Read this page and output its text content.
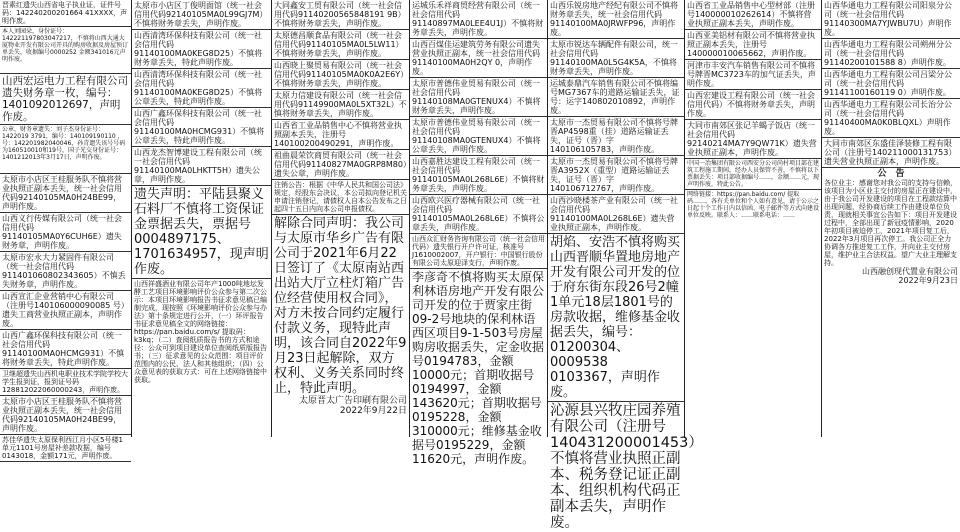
晋素红遗失山西省电子执业证，证件号码：142240200201664 41XXXX，声明作废。

本人刘园朵，身份证号：142221197803047217，不慎将山西大通大厦物业开发有限公司开具的购房收据及房屋预订单丢失，收据编号0000252 金额341016元声明作废。

山西宏运电力工程有限公司遗失财务章一枚，编号：1401092012697，声明作废。

公章，财务章遗失：刘子杰身份证号：1422019 3791，编号：140109190110 ，号：142201982040046，孙青遗失该号号码为160510010和19号，国子光交身份证号：1401212013年3月17日，声明作废。

太原市小店区王桂服务队不慎将营业执照正副本丢失，统一社会信用代码92140105MA0H24BE99，声明作废。

山西义行传媒有限公司（统一社会信用代码91140105MA0Y6CUH6E）遗失财务章，声明作废。

太原市宏永大力紧固件有限公司（统一社会信用代码911401060802343605）不慎丢失财务章，声明作废。

山西宣汇企业营销中心有限公司（注册号140106000090085 号）遗失工商营业执照正副本，声明作废。

山西广鑫环保科技有限公司（统一社会信用代码91140100MA0HCMG931）不慎将财务章丢失，特此声明作废。

卫继超遗失山西机电职业技术学院学校大学生报到证，报到证号码128812022060000243，声明作废。

太原市小店区王桂服务队不慎将营业执照正副本丢失，统一社会信用代码92140105MA0H24BE99，声明作废。

苏佳华遗失太原保利西江月小区5号楼1单元1101号房屋补差款收据，编号0143018，金额171元，声明作废。

太原市小店区丁俊明面馆（统一社会信用代码92140105MA0L99GJ7M）不慎将财务章丢失，声明作废。

山西清湾环保科技有限公司（统一社会信用代码91140100MA0KEG8D25）不慎将财务章丢失，特此声明作废。

山西清湾环保科技有限公司（统一社会信用代码91140100MA0KEG8D25）不慎将公章丢失，特此声明作废。

山西广鑫环保科技有限公司（统一社会信用代码91140100MA0HCMG931）不慎将公章丢失，特此声明作废。

山西龙杰智博建设工程有限公司（统一社会信用代码91140100MA0LHKTT5H）遗失公章，声明作废。

遗失声明：平陆县聚义石料厂不慎将工资保证金票据丢失，票据号0004897175、1701634957，现声明作废。

山西祥盛酒业有限公司年产1000吨地坛发酵工艺项目环境影响评价公众参与第二次公示：本项目环境影响报告书征求意见稿已编制完成，现按照《环境影响评价公众参与办法》第十条规定进行公开，（一）环评报告书征求意见稿全文的网络链接：https://pan.baidu.com/s/ 提取码：k3kq；（二）查阅纸质报告书的方式和途径：公众可到项目建设单位查阅纸质版报告书；（三）征求意见的公众范围：项目评价范围内的公民、法人和其他组织；（四）公众意见表的获取方式：可在上述网络链接中获取。

大同鑫安工贸有限公司（统一社会信用代码91140200565848191 9B）不慎将财务章丢失，声明作废。

太原德昌顺食品有限公司（统一社会信用代码91140105MA0L5LW11）不慎将财务章丢失，声明作废。

山西晓上聚贸易有限公司（统一社会信用代码91140105MA0K0A2E6Y）不慎将财务章丢失，声明作废。

太原力信建设有限公司（统一社会信用代码91149900MA0L5XT32L）不慎将财务章丢失，声明作废。

山西省工业品销售中心不慎将营业执照副本丢失，注册号140100200490291，声明作废。

祖曲晨荣饮商贸有限公司（统一社会信用代码91140827MA0GRP8M80）遗失公章，声明作废。

注销公告：根据《中华人民共和国公司法》规定，经股东会决议，本公司拟向登记机关申请注销登记，请债权人自本公告发布之日起四十五日内向本公司申报债权。

解除合同声明：我公司与太原市华乡广告有限公司于2021年6月22日签订了《太原南站西出站大厅立柱灯箱广告位经营使用权合同》，对方未按合同约定履行付款义务，现特此声明，该合同自2022年9月23日起解除，双方权利、义务关系同时终止，特此声明。

太原晋太广告印刷有限公司

2022年9月22日

运城乐禾祥商贸经营有限公司（统一社会信用代码91140897MA0LEE4U1J）不慎将财务章丢失，声明作废。

山西百煤佳运建筑劳务有限公司遗失营业执照正副本，统一社会信用代码91140100MA0H2QY 0，声明作废。

太原市普德伟业贸易有限公司（统一社会信用代码91140108MA0GTENUX4）不慎将财务章丢失，声明作废。

太原市普德伟业贸易有限公司（统一社会信用代码91140108MA0GTENUX4）不慎将公章丢失，声明作废。

山西嘉胜达建设工程有限公司（统一社会信用代码91140105MA0L268L6E）不慎将财务章丢失，声明作废。

山西欧兴医疗器械有限公司（统一社会信用代码91140105MA0L268L6E）不慎将公章丢失，声明作废。

山西众汇财务咨询有限公司（统一社会信用代码）遗失银行开户许可证，核准号J1610002007，开户银行：中国银行股份有限公司太原迎泽支行，声明作废。

李彦奇不慎将购买太原保利林语房地产开发有限公司开发的位于贾家庄街09-2号地块的保利林语西区项目9-1-503号房屋购房收据丢失，定金收据号0194783，金额10000元；首期收据号0194997，金额143620元；首期收据号0195228，金额310000元；维修基金收据号0195229，金额11620元，声明作废。

山西乐锐房地产经纪有限公司不慎将财务章丢失，统一社会信用代码91140100MA0JRWFP96，声明作废。

太原市锐达车辆配件有限公司，统一社会信用代码91140100MA0L5G4K5A，不慎将财务章丢失，声明作废。

运城泰鼎汽车销售有限公司不慎将编号MG7367车的道路运输证丢失，证号：运字140802010892，声明作废。

太原市一杰贸易有限公司不慎将号牌晋AP4598重（挂）道路运输证丢失，证号（晋）字140106105783，声明作废。

太原市一杰贸易有限公司不慎将号牌晋A3952X（重型）道路运输证丢失，证号（晋）字140106712767，声明作废。

山西沙晓楼茶产业有限公司（统一社会信用代码91140100MA0L268L6E）遗失营业执照正副本，声明作废。

胡焰、安浩不慎将购买山西晋顺华置地房地产开发有限公司开发的位于府东街东段26号2幢1单元18层1801号的房款收据，维修基金收据丢失，编号：01200304、0009538 0103367，声明作废。

沁源县兴牧庄园养殖有限公司（注册号140431200001453）不慎将营业执照正副本、税务登记证正副本、组织机构代码正副本丢失，声明作废。

山西省工业品销售中心型材部（注册号140000010262614）不慎将营业执照正副本丢失，声明作废。

山西亚美铝材有限公司不慎将营业执照正副本丢失，注册号140000010065662，声明作废。

河津市丰安汽车销售有限公司不慎将号牌晋MC3723车的加气证丢失，声明作废。

山西宏建设工程有限公司（统一社会信用代码）不慎将财务章丢失，声明作废。

大同市南郊区张记羊蝎子饭店（统一社会信用代码92140214MA7Y9QW71K）遗失营业执照正副本，声明作废。

中国一冶集团有限公司西安分公司尚村项目部在建筑工程施工期间，经办人员保管不善，不慎将以下票据丢失：项目部收据编号……，金额……元，现声明作废，特此公告。

网络链接：https://pan.baidu.com/ 提取码……，各有关单位和个人如有意见，请于公示之日起十个工作日内以信函、电子邮件等方式向建设单位反映。联系人：……联系电话：……

山西华通电力工程有限公司阳泉分公司（统一社会信用代码91140300MA7YJWBU7U）声明作废。

山西华通电力工程有限公司朔州分公司（统一社会信用代码91140200101588 8）声明作废。

山西华通电力工程有限公司吕梁分公司（统一社会信用代码91141100160119 0）声明作废。

山西华通电力工程有限公司长治分公司（统一社会信用代码91140400MA0K0BLQXL）声明作废。

大同市南郊区东盛佳泽装修工程有限公司（注册号140211000131753）遗失营业执照正副本，声明作废。

公　告

各位业主：感谢您对我公司的支持与信赖，该项目为小区业主交付的房屋正在建设中，由于我公司开发建设的项目在工程款结算中出现问题，经协商后续工作由建设单位负责，现就相关事宜公告如下：项目开发建设过程中，全部出现了新冠疫情影响，2020年初项目被迫停工，2021年项目复工后，2022年3月项目再次停工。我公司正全力协调各方推进复工工作，并向业主交付房屋，维护业主合法权益。望广大业主理解支持。

山西融创现代置业有限公司

2022年9月23日
